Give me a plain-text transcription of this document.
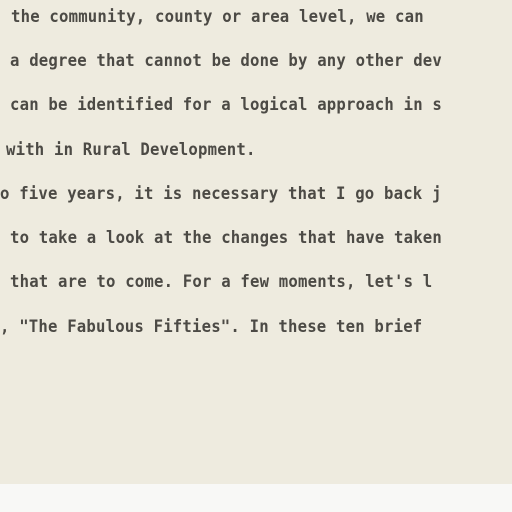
the community, county or area level, we can
a degree that cannot be done by any other dev
can be identified for a logical approach in s
with in Rural Development.
o five years, it is necessary that I go back j
to take a look at the changes that have taken
that are to come. For a few moments, let's l
, "The Fabulous Fifties". In these ten brief
